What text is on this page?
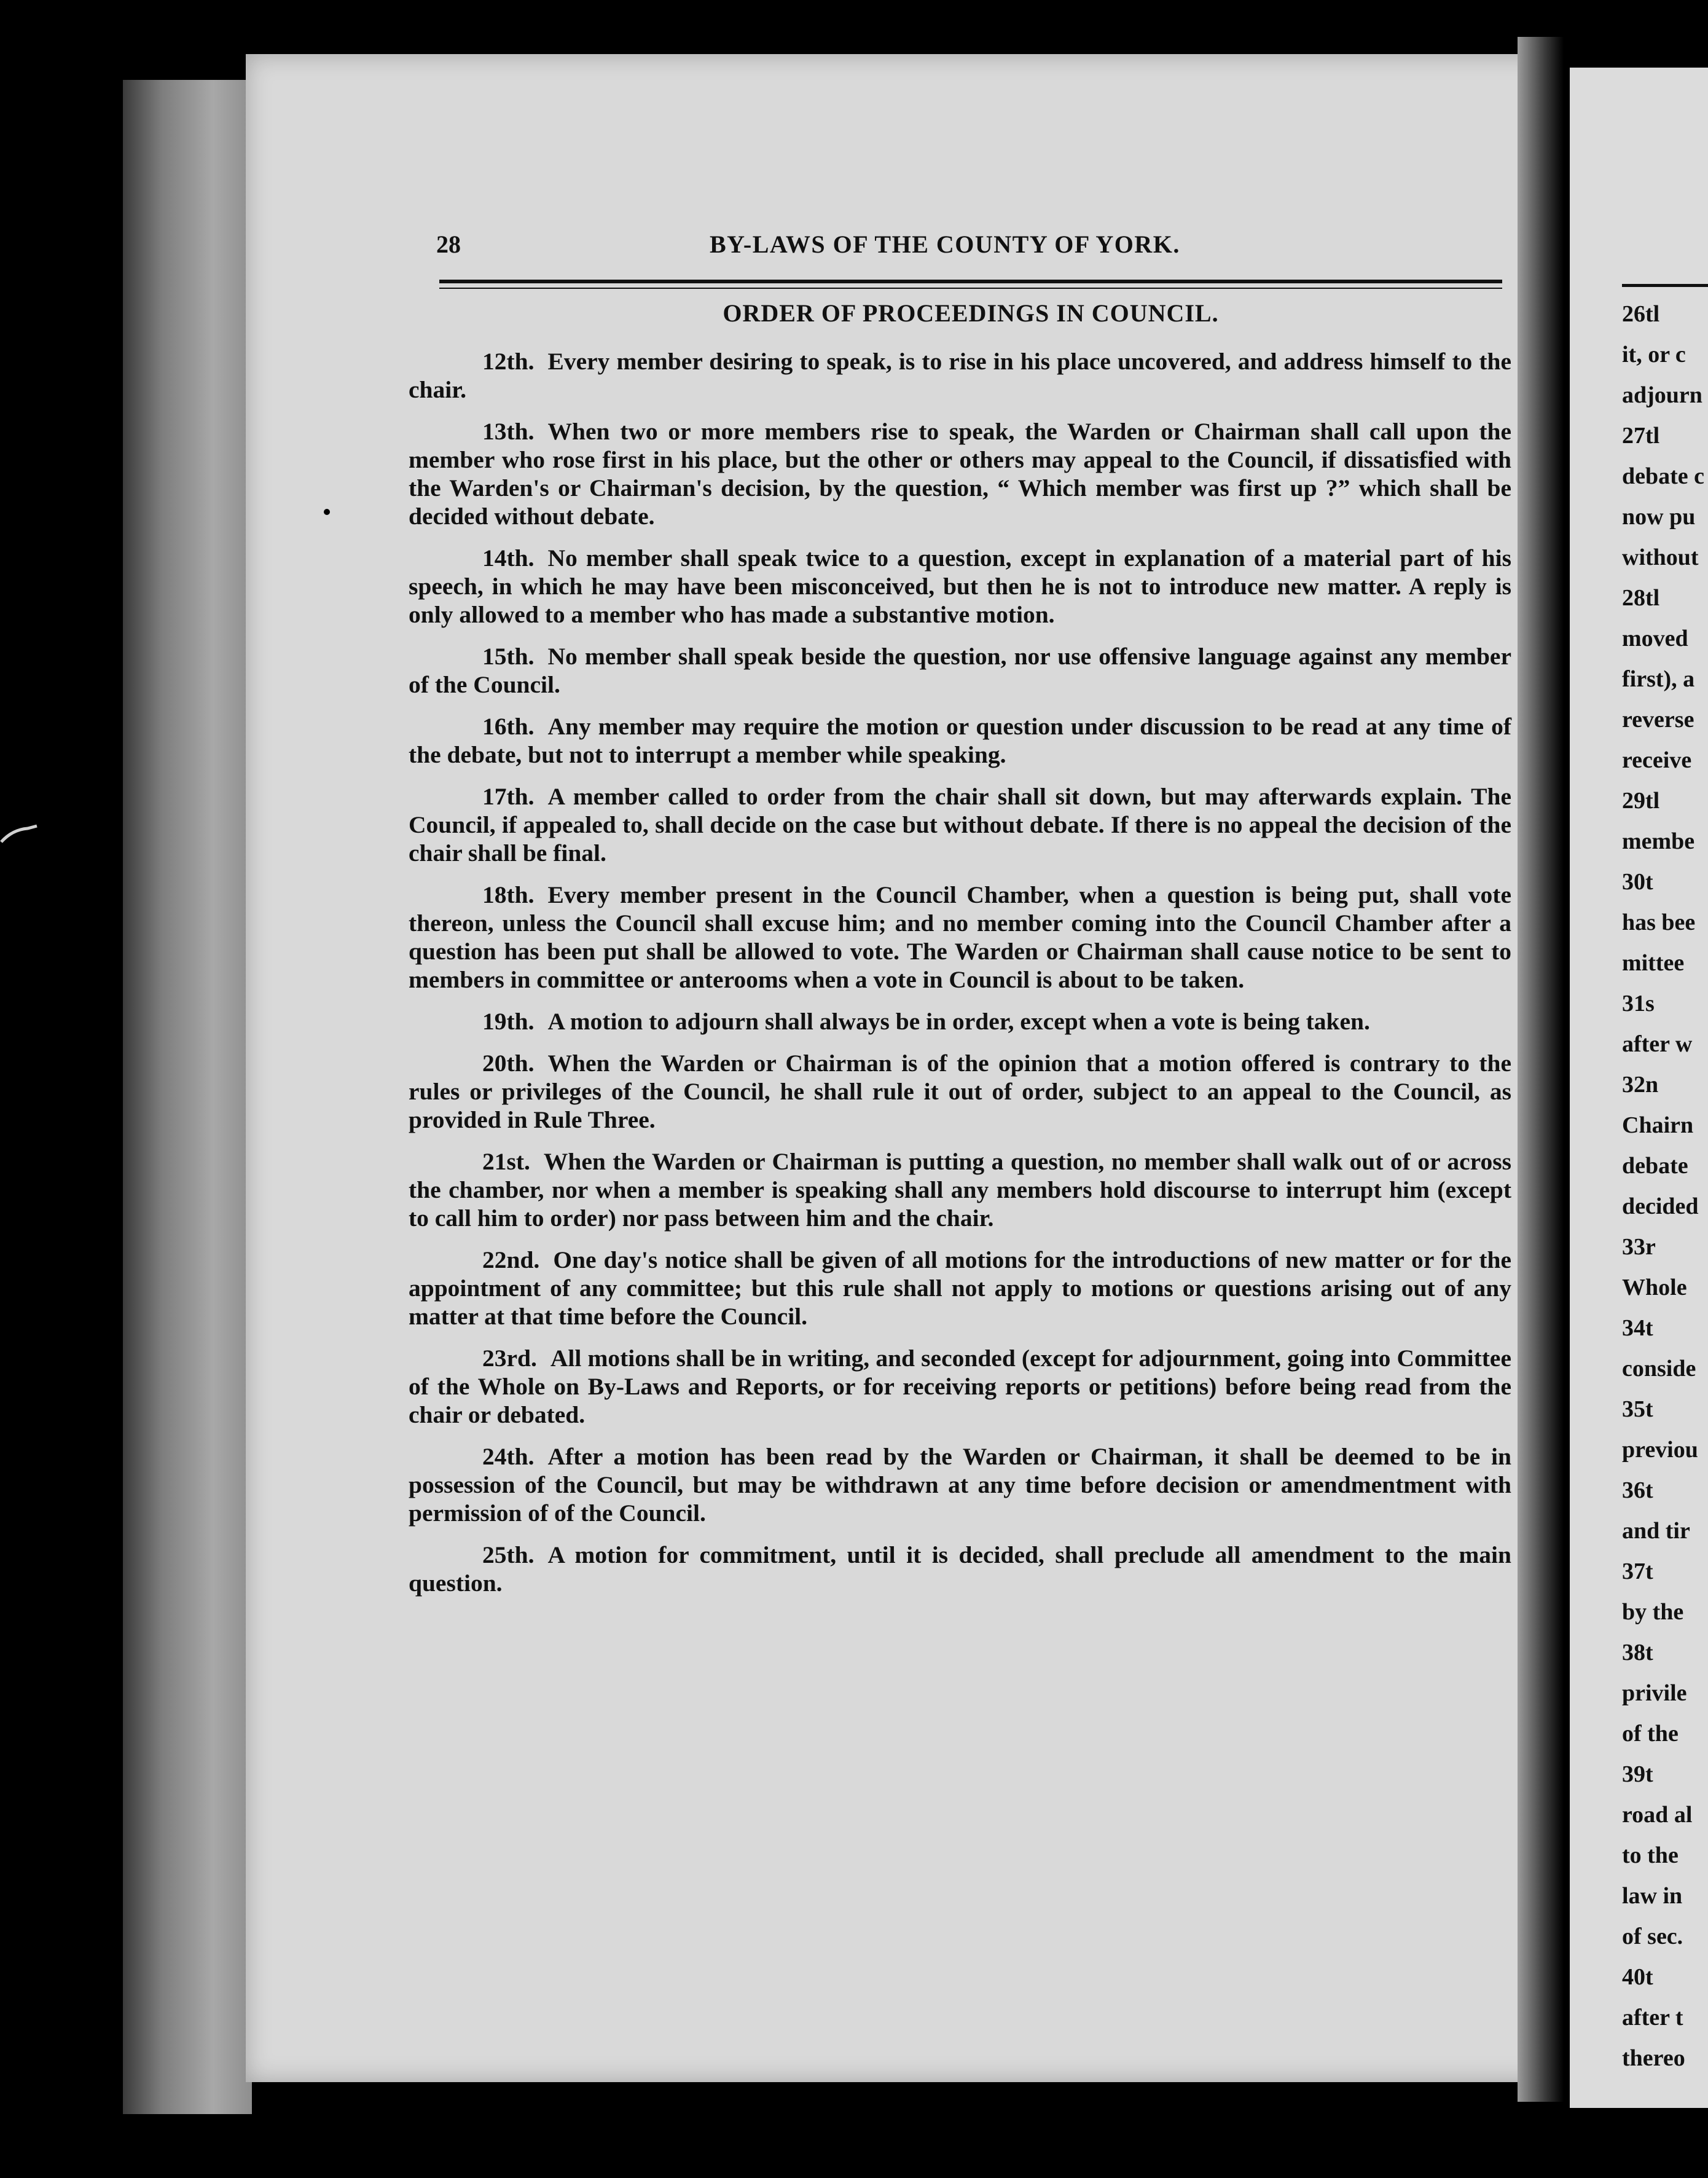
28	BY-LAWS OF THE COUNTY OF YORK.
ORDER OF PROCEEDINGS IN COUNCIL.

12th. Every member desiring to speak, is to rise in his place uncovered, and address himself to the chair.

13th. When two or more members rise to speak, the Warden or Chairman shall call upon the member who rose first in his place, but the other or others may appeal to the Council, if dissatisfied with the Warden's or Chairman's decision, by the question, “ Which member was first up ?” which shall be decided without debate.

14th. No member shall speak twice to a question, except in explanation of a material part of his speech, in which he may have been misconceived, but then he is not to introduce new matter. A reply is only allowed to a member who has made a substantive motion.

15th. No member shall speak beside the question, nor use offensive language against any member of the Council.

16th. Any member may require the motion or question under discussion to be read at any time of the debate, but not to interrupt a member while speaking.

17th. A member called to order from the chair shall sit down, but may afterwards explain. The Council, if appealed to, shall decide on the case but without debate. If there is no appeal the decision of the chair shall be final.

18th. Every member present in the Council Chamber, when a question is being put, shall vote thereon, unless the Council shall excuse him; and no member coming into the Council Chamber after a question has been put shall be allowed to vote. The Warden or Chairman shall cause notice to be sent to members in committee or anterooms when a vote in Council is about to be taken.

19th. A motion to adjourn shall always be in order, except when a vote is being taken.

20th. When the Warden or Chairman is of the opinion that a motion offered is contrary to the rules or privileges of the Council, he shall rule it out of order, subject to an appeal to the Council, as provided in Rule Three.

21st. When the Warden or Chairman is putting a question, no member shall walk out of or across the chamber, nor when a member is speaking shall any members hold discourse to interrupt him (except to call him to order) nor pass between him and the chair.

22nd. One day's notice shall be given of all motions for the introductions of new matter or for the appointment of any committee; but this rule shall not apply to motions or questions arising out of any matter at that time before the Council.

23rd. All motions shall be in writing, and seconded (except for adjournment, going into Committee of the Whole on By-Laws and Reports, or for receiving reports or petitions) before being read from the chair or debated.

24th. After a motion has been read by the Warden or Chairman, it shall be deemed to be in possession of the Council, but may be withdrawn at any time before decision or amendmentment with permission of of the Council.

25th. A motion for commitment, until it is decided, shall preclude all amendment to the main question.

26tl
it, or c
adjourn
27tl
debate c
now pu
without
28tl
moved
first), a
reverse
receive
29tl
membe
30t
has bee
mittee
31s
after w
32n
Chairn
debate
decided
33r
Whole
34t
conside
35t
previou
36t
and tir
37t
by the
38t
privile
of the
39t
road al
to the
law in
of sec.
40t
after t
thereo
